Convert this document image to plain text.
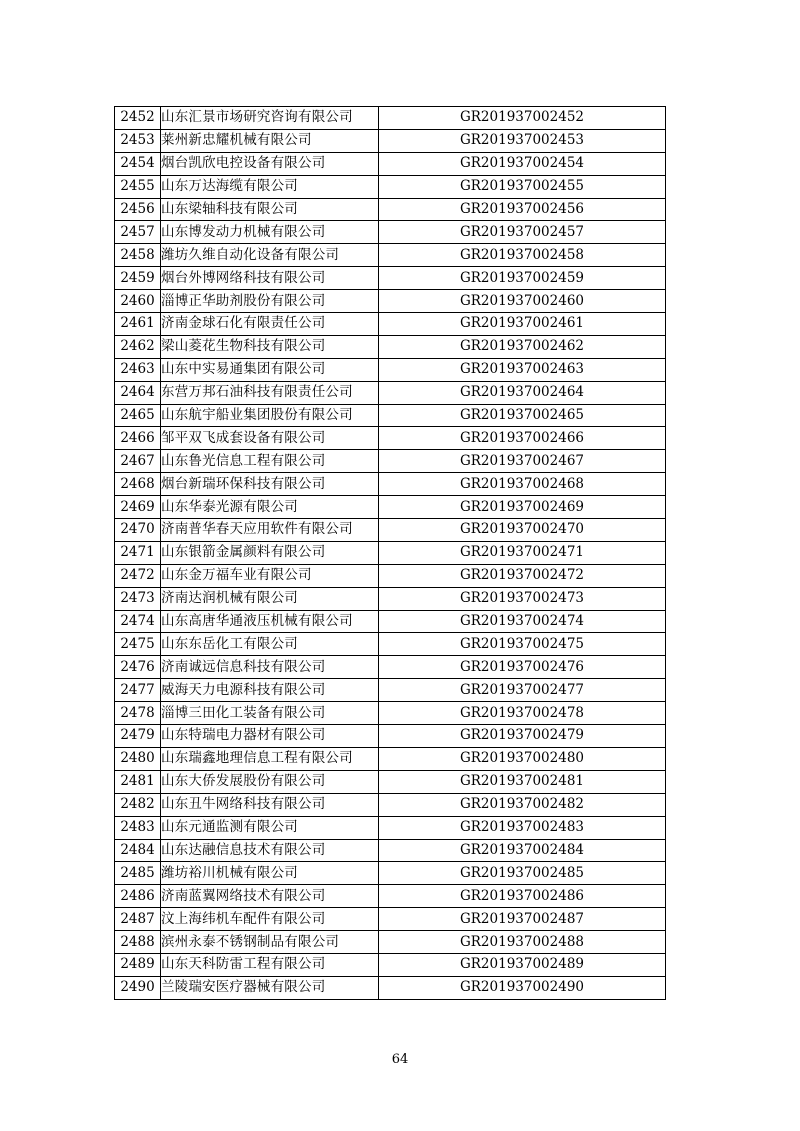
2452	山东汇景市场研究咨询有限公司	GR201937002452
2453	莱州新忠耀机械有限公司	GR201937002453
2454	烟台凯欣电控设备有限公司	GR201937002454
2455	山东万达海缆有限公司	GR201937002455
2456	山东梁轴科技有限公司	GR201937002456
2457	山东博发动力机械有限公司	GR201937002457
2458	潍坊久维自动化设备有限公司	GR201937002458
2459	烟台外博网络科技有限公司	GR201937002459
2460	淄博正华助剂股份有限公司	GR201937002460
2461	济南金球石化有限责任公司	GR201937002461
2462	梁山菱花生物科技有限公司	GR201937002462
2463	山东中实易通集团有限公司	GR201937002463
2464	东营万邦石油科技有限责任公司	GR201937002464
2465	山东航宇船业集团股份有限公司	GR201937002465
2466	邹平双飞成套设备有限公司	GR201937002466
2467	山东鲁光信息工程有限公司	GR201937002467
2468	烟台新瑞环保科技有限公司	GR201937002468
2469	山东华泰光源有限公司	GR201937002469
2470	济南普华春天应用软件有限公司	GR201937002470
2471	山东银箭金属颜料有限公司	GR201937002471
2472	山东金万福车业有限公司	GR201937002472
2473	济南达润机械有限公司	GR201937002473
2474	山东高唐华通液压机械有限公司	GR201937002474
2475	山东东岳化工有限公司	GR201937002475
2476	济南诚远信息科技有限公司	GR201937002476
2477	威海天力电源科技有限公司	GR201937002477
2478	淄博三田化工装备有限公司	GR201937002478
2479	山东特瑞电力器材有限公司	GR201937002479
2480	山东瑞鑫地理信息工程有限公司	GR201937002480
2481	山东大侨发展股份有限公司	GR201937002481
2482	山东丑牛网络科技有限公司	GR201937002482
2483	山东元通监测有限公司	GR201937002483
2484	山东达融信息技术有限公司	GR201937002484
2485	潍坊裕川机械有限公司	GR201937002485
2486	济南蓝翼网络技术有限公司	GR201937002486
2487	汶上海纬机车配件有限公司	GR201937002487
2488	滨州永泰不锈钢制品有限公司	GR201937002488
2489	山东天科防雷工程有限公司	GR201937002489
2490	兰陵瑞安医疗器械有限公司	GR201937002490
64
